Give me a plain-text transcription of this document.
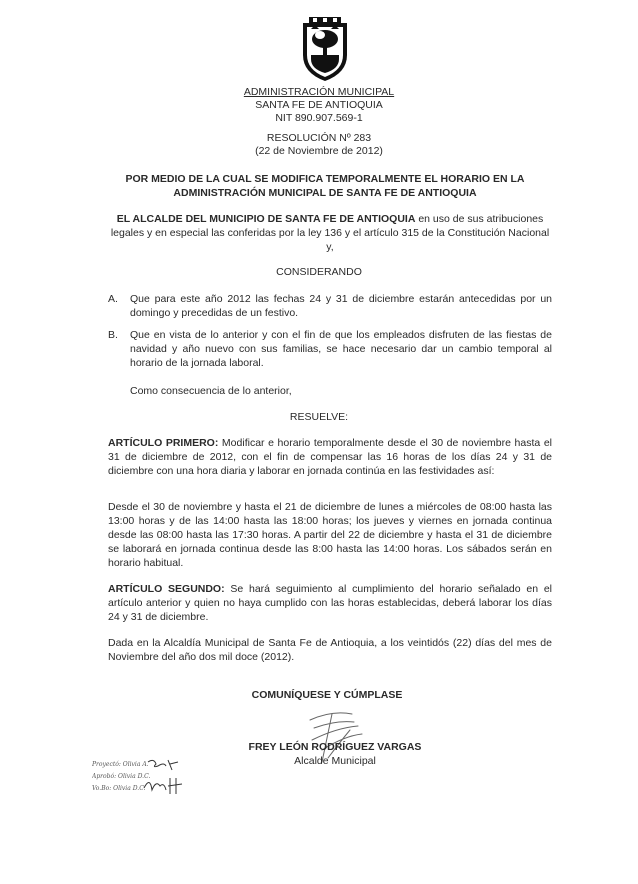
ADMINISTRACIÓN MUNICIPAL
SANTA FE DE ANTIOQUIA
NIT 890.907.569-1
RESOLUCIÓN Nº 283
(22 de Noviembre de 2012)
POR MEDIO DE LA CUAL SE MODIFICA TEMPORALMENTE EL HORARIO EN LA ADMINISTRACIÓN MUNICIPAL DE SANTA FE DE ANTIOQUIA
EL ALCALDE DEL MUNICIPIO DE SANTA FE DE ANTIOQUIA en uso de sus atribuciones legales y en especial las conferidas por la ley 136 y el artículo 315 de la Constitución Nacional y,
CONSIDERANDO
A. Que para este año 2012 las fechas 24 y 31 de diciembre estarán antecedidas por un domingo y precedidas de un festivo.
B. Que en vista de lo anterior y con el fin de que los empleados disfruten de las fiestas de navidad y año nuevo con sus familias, se hace necesario dar un cambio temporal al horario de la jornada laboral.
Como consecuencia de lo anterior,
RESUELVE:
ARTÍCULO PRIMERO: Modificar e horario temporalmente desde el 30 de noviembre hasta el 31 de diciembre de 2012, con el fin de compensar las 16 horas de los días 24 y 31 de diciembre con una hora diaria y laborar en jornada continúa en las festividades así:
Desde el 30 de noviembre y hasta el 21 de diciembre de lunes a miércoles de 08:00 hasta las 13:00 horas y de las 14:00 hasta las 18:00 horas; los jueves y viernes en jornada continua desde las 08:00 hasta las 17:30 horas. A partir del 22 de diciembre y hasta el 31 de diciembre se laborará en jornada continua desde las 8:00 hasta las 14:00 horas. Los sábados serán en horario habitual.
ARTÍCULO SEGUNDO: Se hará seguimiento al cumplimiento del horario señalado en el artículo anterior y quien no haya cumplido con las horas establecidas, deberá laborar los días 24 y 31 de diciembre.
Dada en la Alcaldía Municipal de Santa Fe de Antioquia, a los veintidós (22) días del mes de Noviembre del año dos mil doce (2012).
COMUNÍQUESE Y CÚMPLASE
FREY LEÓN RODRÍGUEZ VARGAS
Alcalde Municipal
Proyectó: Olivia A.
Aprobó: Olivia D.C.
Vo.Bo: Olivia D.C.
